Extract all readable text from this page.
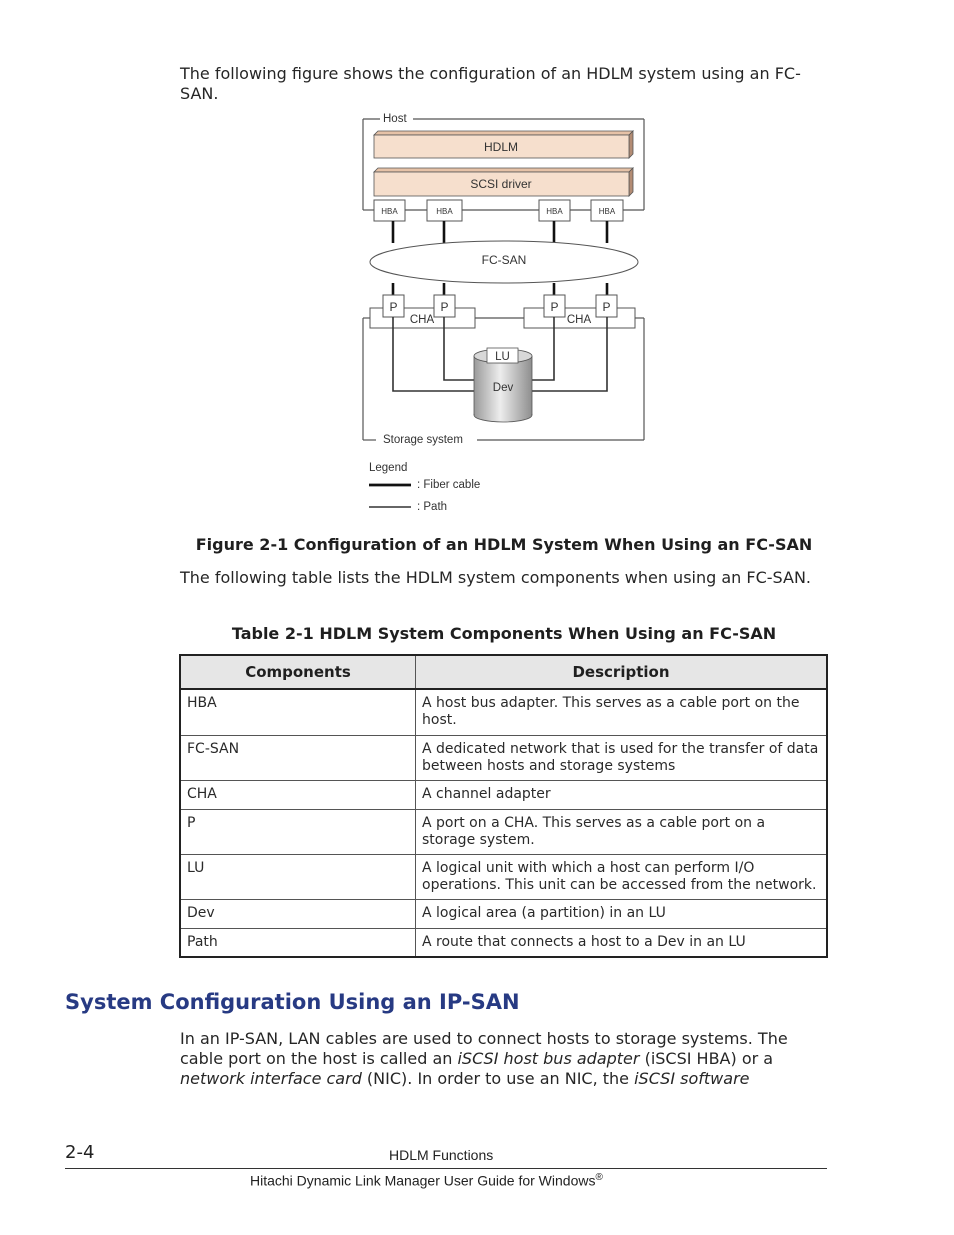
The following figure shows the configuration of an HDLM system using an FC-SAN.

Host
HDLM
SCSI driver
HBA	HBA	HBA	HBA
FC-SAN
Storage system
CHA	CHA
P	P	P	P
LU
Dev
Legend
: Fiber cable
: Path
Figure 2-1 Configuration of an HDLM System When Using an FC-SAN

The following table lists the HDLM system components when using an FC-SAN.

Table 2-1 HDLM System Components When Using an FC-SAN
Components	Description
HBA	A host bus adapter. This serves as a cable port on the host.
FC-SAN	A dedicated network that is used for the transfer of data between hosts and storage systems
CHA	A channel adapter
P	A port on a CHA. This serves as a cable port on a storage system.
LU	A logical unit with which a host can perform I/O operations. This unit can be accessed from the network.
Dev	A logical area (a partition) in an LU
Path	A route that connects a host to a Dev in an LU
System Configuration Using an IP-SAN

In an IP-SAN, LAN cables are used to connect hosts to storage systems. The cable port on the host is called an iSCSI host bus adapter (iSCSI HBA) or a network interface card (NIC). In order to use an NIC, the iSCSI software

2-4	HDLM Functions
Hitachi Dynamic Link Manager User Guide for Windows®
